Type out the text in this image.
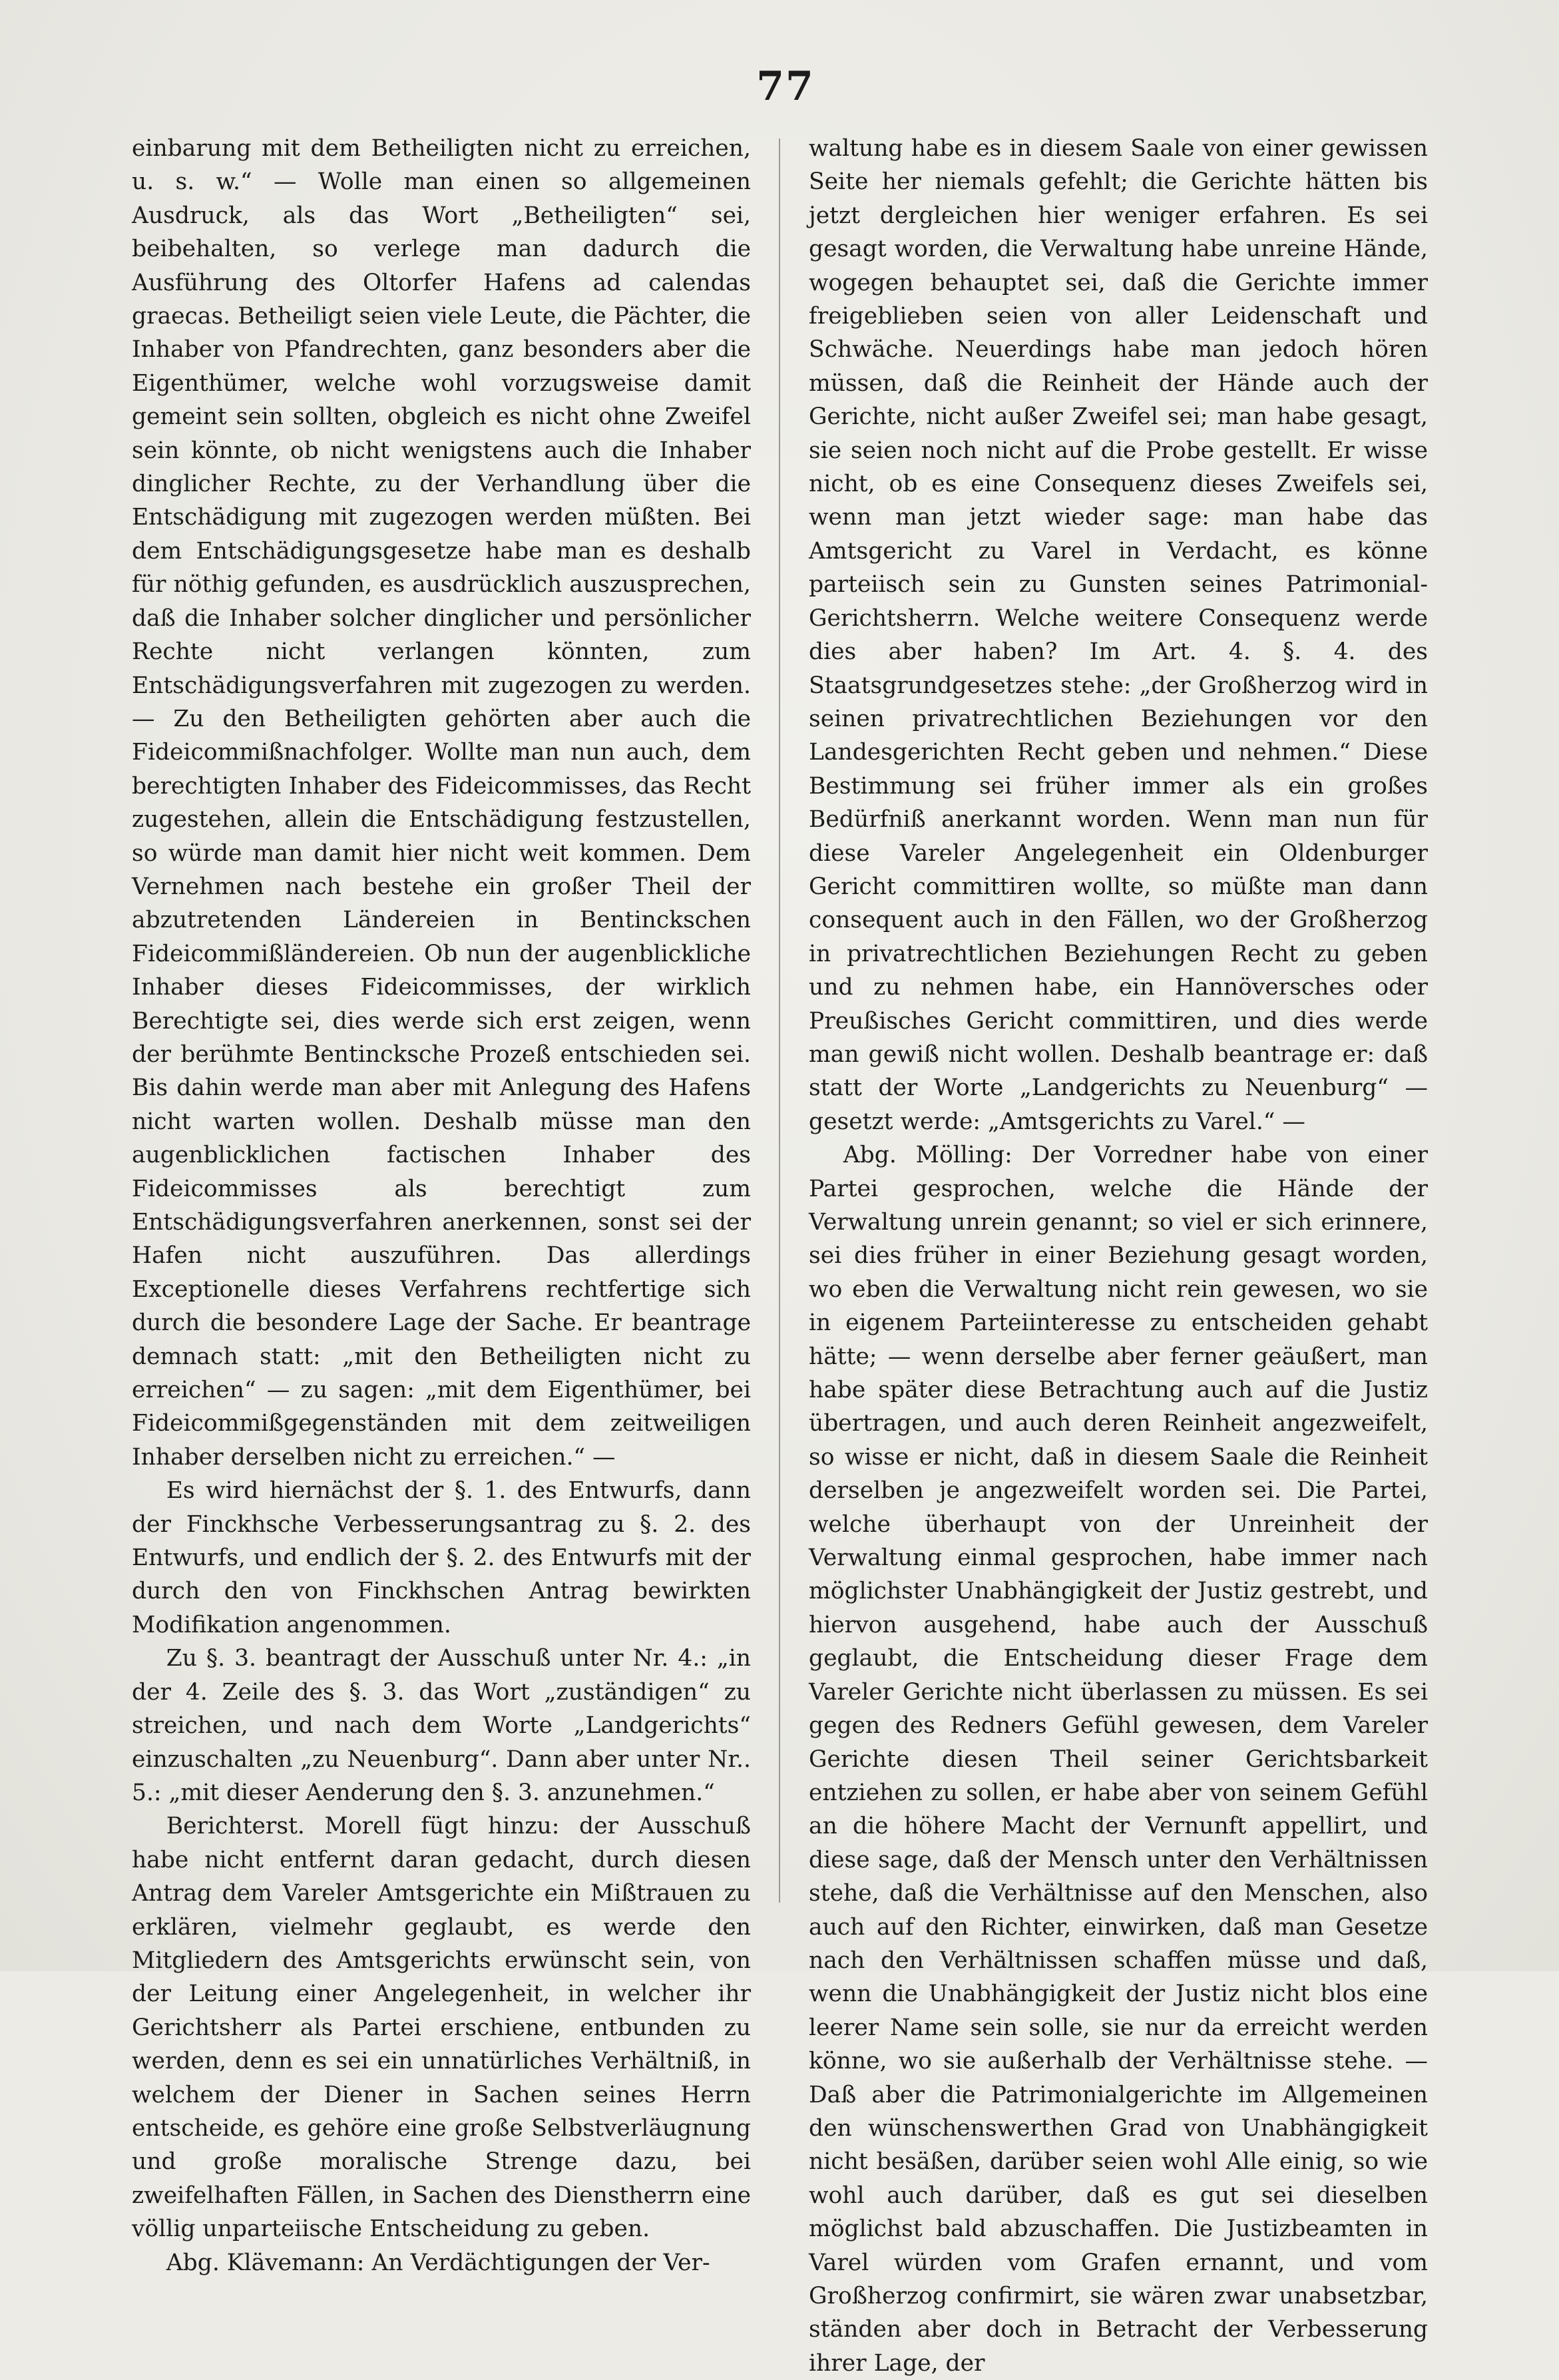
77

einbarung mit dem Betheiligten nicht zu erreichen, u. s. w.“ — Wolle man einen so allgemeinen Ausdruck, als das Wort „Betheiligten“ sei, beibehalten, so verlege man dadurch die Ausführung des Oltorfer Hafens ad calendas graecas. Betheiligt seien viele Leute, die Pächter, die Inhaber von Pfandrechten, ganz besonders aber die Eigenthümer, welche wohl vorzugsweise damit gemeint sein sollten, obgleich es nicht ohne Zweifel sein könnte, ob nicht wenigstens auch die Inhaber dinglicher Rechte, zu der Verhandlung über die Entschädigung mit zugezogen werden müßten. Bei dem Entschädigungsgesetze habe man es deshalb für nöthig gefunden, es ausdrücklich auszusprechen, daß die Inhaber solcher dinglicher und persönlicher Rechte nicht verlangen könnten, zum Entschädigungsverfahren mit zugezogen zu werden. — Zu den Betheiligten gehörten aber auch die Fideicommißnachfolger. Wollte man nun auch, dem berechtigten Inhaber des Fideicommisses, das Recht zugestehen, allein die Entschädigung festzustellen, so würde man damit hier nicht weit kommen. Dem Vernehmen nach bestehe ein großer Theil der abzutretenden Ländereien in Bentinckschen Fideicommißländereien. Ob nun der augenblickliche Inhaber dieses Fideicommisses, der wirklich Berechtigte sei, dies werde sich erst zeigen, wenn der berühmte Bentincksche Prozeß entschieden sei. Bis dahin werde man aber mit Anlegung des Hafens nicht warten wollen. Deshalb müsse man den augenblicklichen factischen Inhaber des Fideicommisses als berechtigt zum Entschädigungsverfahren anerkennen, sonst sei der Hafen nicht auszuführen. Das allerdings Exceptionelle dieses Verfahrens rechtfertige sich durch die besondere Lage der Sache. Er beantrage demnach statt: „mit den Betheiligten nicht zu erreichen“ — zu sagen: „mit dem Eigenthümer, bei Fideicommißgegenständen mit dem zeitweiligen Inhaber derselben nicht zu erreichen.“ —

Es wird hiernächst der §. 1. des Entwurfs, dann der Finckhsche Verbesserungsantrag zu §. 2. des Entwurfs, und endlich der §. 2. des Entwurfs mit der durch den von Finckhschen Antrag bewirkten Modifikation angenommen.

Zu §. 3. beantragt der Ausschuß unter Nr. 4.: „in der 4. Zeile des §. 3. das Wort „zuständigen“ zu streichen, und nach dem Worte „Landgerichts“ einzuschalten „zu Neuenburg“. Dann aber unter Nr.. 5.: „mit dieser Aenderung den §. 3. anzunehmen.“

Berichterst. Morell fügt hinzu: der Ausschuß habe nicht entfernt daran gedacht, durch diesen Antrag dem Vareler Amtsgerichte ein Mißtrauen zu erklären, vielmehr geglaubt, es werde den Mitgliedern des Amtsgerichts erwünscht sein, von der Leitung einer Angelegenheit, in welcher ihr Gerichtsherr als Partei erschiene, entbunden zu werden, denn es sei ein unnatürliches Verhältniß, in welchem der Diener in Sachen seines Herrn entscheide, es gehöre eine große Selbstverläugnung und große moralische Strenge dazu, bei zweifelhaften Fällen, in Sachen des Dienstherrn eine völlig unparteiische Entscheidung zu geben.

Abg. Klävemann: An Verdächtigungen der Ver-

waltung habe es in diesem Saale von einer gewissen Seite her niemals gefehlt; die Gerichte hätten bis jetzt dergleichen hier weniger erfahren. Es sei gesagt worden, die Verwaltung habe unreine Hände, wogegen behauptet sei, daß die Gerichte immer freigeblieben seien von aller Leidenschaft und Schwäche. Neuerdings habe man jedoch hören müssen, daß die Reinheit der Hände auch der Gerichte, nicht außer Zweifel sei; man habe gesagt, sie seien noch nicht auf die Probe gestellt. Er wisse nicht, ob es eine Consequenz dieses Zweifels sei, wenn man jetzt wieder sage: man habe das Amtsgericht zu Varel in Verdacht, es könne parteiisch sein zu Gunsten seines Patrimonial-Gerichtsherrn. Welche weitere Consequenz werde dies aber haben? Im Art. 4. §. 4. des Staatsgrundgesetzes stehe: „der Großherzog wird in seinen privatrechtlichen Beziehungen vor den Landesgerichten Recht geben und nehmen.“ Diese Bestimmung sei früher immer als ein großes Bedürfniß anerkannt worden. Wenn man nun für diese Vareler Angelegenheit ein Oldenburger Gericht committiren wollte, so müßte man dann consequent auch in den Fällen, wo der Großherzog in privatrechtlichen Beziehungen Recht zu geben und zu nehmen habe, ein Hannöversches oder Preußisches Gericht committiren, und dies werde man gewiß nicht wollen. Deshalb beantrage er: daß statt der Worte „Landgerichts zu Neuenburg“ — gesetzt werde: „Amtsgerichts zu Varel.“ —

Abg. Mölling: Der Vorredner habe von einer Partei gesprochen, welche die Hände der Verwaltung unrein genannt; so viel er sich erinnere, sei dies früher in einer Beziehung gesagt worden, wo eben die Verwaltung nicht rein gewesen, wo sie in eigenem Parteiinteresse zu entscheiden gehabt hätte; — wenn derselbe aber ferner geäußert, man habe später diese Betrachtung auch auf die Justiz übertragen, und auch deren Reinheit angezweifelt, so wisse er nicht, daß in diesem Saale die Reinheit derselben je angezweifelt worden sei. Die Partei, welche überhaupt von der Unreinheit der Verwaltung einmal gesprochen, habe immer nach möglichster Unabhängigkeit der Justiz gestrebt, und hiervon ausgehend, habe auch der Ausschuß geglaubt, die Entscheidung dieser Frage dem Vareler Gerichte nicht überlassen zu müssen. Es sei gegen des Redners Gefühl gewesen, dem Vareler Gerichte diesen Theil seiner Gerichtsbarkeit entziehen zu sollen, er habe aber von seinem Gefühl an die höhere Macht der Vernunft appellirt, und diese sage, daß der Mensch unter den Verhältnissen stehe, daß die Verhältnisse auf den Menschen, also auch auf den Richter, einwirken, daß man Gesetze nach den Verhältnissen schaffen müsse und daß, wenn die Unabhängigkeit der Justiz nicht blos eine leerer Name sein solle, sie nur da erreicht werden könne, wo sie außerhalb der Verhältnisse stehe. — Daß aber die Patrimonialgerichte im Allgemeinen den wünschenswerthen Grad von Unabhängigkeit nicht besäßen, darüber seien wohl Alle einig, so wie wohl auch darüber, daß es gut sei dieselben möglichst bald abzuschaffen. Die Justizbeamten in Varel würden vom Grafen ernannt, und vom Großherzog confirmirt, sie wären zwar unabsetzbar, ständen aber doch in Betracht der Verbesserung ihrer Lage, der
